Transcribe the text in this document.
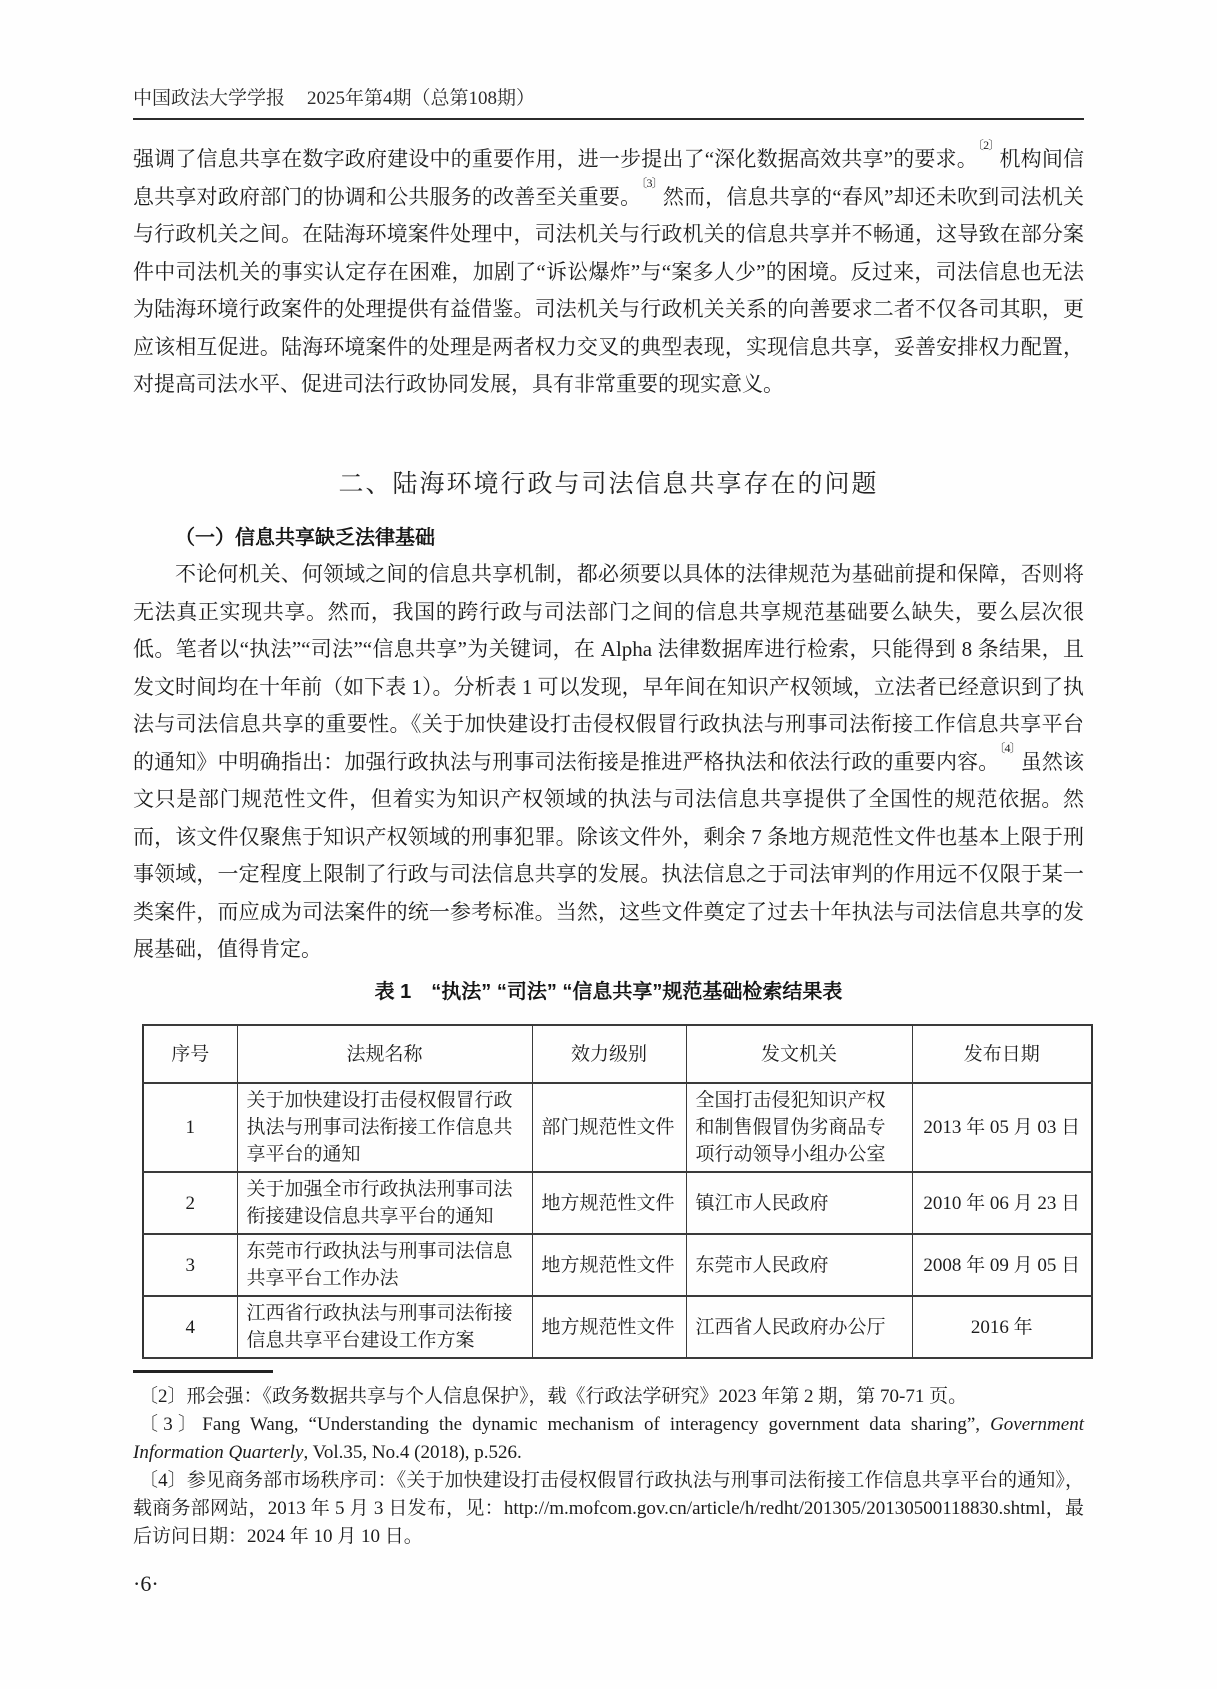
中国政法大学学报 2025年第4期（总第108期）

强调了信息共享在数字政府建设中的重要作用，进一步提出了“深化数据高效共享”的要求。$^{〔2〕}$机构间信息共享对政府部门的协调和公共服务的改善至关重要。$^{〔3〕}$然而，信息共享的“春风”却还未吹到司法机关与行政机关之间。在陆海环境案件处理中，司法机关与行政机关的信息共享并不畅通，这导致在部分案件中司法机关的事实认定存在困难，加剧了“诉讼爆炸”与“案多人少”的困境。反过来，司法信息也无法为陆海环境行政案件的处理提供有益借鉴。司法机关与行政机关关系的向善要求二者不仅各司其职，更应该相互促进。陆海环境案件的处理是两者权力交叉的典型表现，实现信息共享，妥善安排权力配置，对提高司法水平、促进司法行政协同发展，具有非常重要的现实意义。

二、陆海环境行政与司法信息共享存在的问题
（一）信息共享缺乏法律基础

不论何机关、何领域之间的信息共享机制，都必须要以具体的法律规范为基础前提和保障，否则将无法真正实现共享。然而，我国的跨行政与司法部门之间的信息共享规范基础要么缺失，要么层次很低。笔者以“执法”“司法”“信息共享”为关键词，在 Alpha 法律数据库进行检索，只能得到 8 条结果，且发文时间均在十年前（如下表 1）。分析表 1 可以发现，早年间在知识产权领域，立法者已经意识到了执法与司法信息共享的重要性。《关于加快建设打击侵权假冒行政执法与刑事司法衔接工作信息共享平台的通知》中明确指出：加强行政执法与刑事司法衔接是推进严格执法和依法行政的重要内容。$^{〔4〕}$虽然该文只是部门规范性文件，但着实为知识产权领域的执法与司法信息共享提供了全国性的规范依据。然而，该文件仅聚焦于知识产权领域的刑事犯罪。除该文件外，剩余 7 条地方规范性文件也基本上限于刑事领域，一定程度上限制了行政与司法信息共享的发展。执法信息之于司法审判的作用远不仅限于某一类案件，而应成为司法案件的统一参考标准。当然，这些文件奠定了过去十年执法与司法信息共享的发展基础，值得肯定。

表 1　“执法” “司法” “信息共享”规范基础检索结果表
序号	法规名称	效力级别	发文机关	发布日期
1	关于加快建设打击侵权假冒行政执法与刑事司法衔接工作信息共享平台的通知	部门规范性文件	全国打击侵犯知识产权和制售假冒伪劣商品专项行动领导小组办公室	2013 年 05 月 03 日
2	关于加强全市行政执法刑事司法衔接建设信息共享平台的通知	地方规范性文件	镇江市人民政府	2010 年 06 月 23 日
3	东莞市行政执法与刑事司法信息共享平台工作办法	地方规范性文件	东莞市人民政府	2008 年 09 月 05 日
4	江西省行政执法与刑事司法衔接信息共享平台建设工作方案	地方规范性文件	江西省人民政府办公厅	2016 年

〔2〕邢会强：《政务数据共享与个人信息保护》，载《行政法学研究》2023 年第 2 期，第 70-71 页。

〔3〕Fang Wang, “Understanding the dynamic mechanism of interagency government data sharing”, Government Information Quarterly, Vol.35, No.4 (2018), p.526.

〔4〕参见商务部市场秩序司：《关于加快建设打击侵权假冒行政执法与刑事司法衔接工作信息共享平台的通知》，载商务部网站，2013 年 5 月 3 日发布，见：http://m.mofcom.gov.cn/article/h/redht/201305/20130500118830.shtml，最后访问日期：2024 年 10 月 10 日。

·6·
